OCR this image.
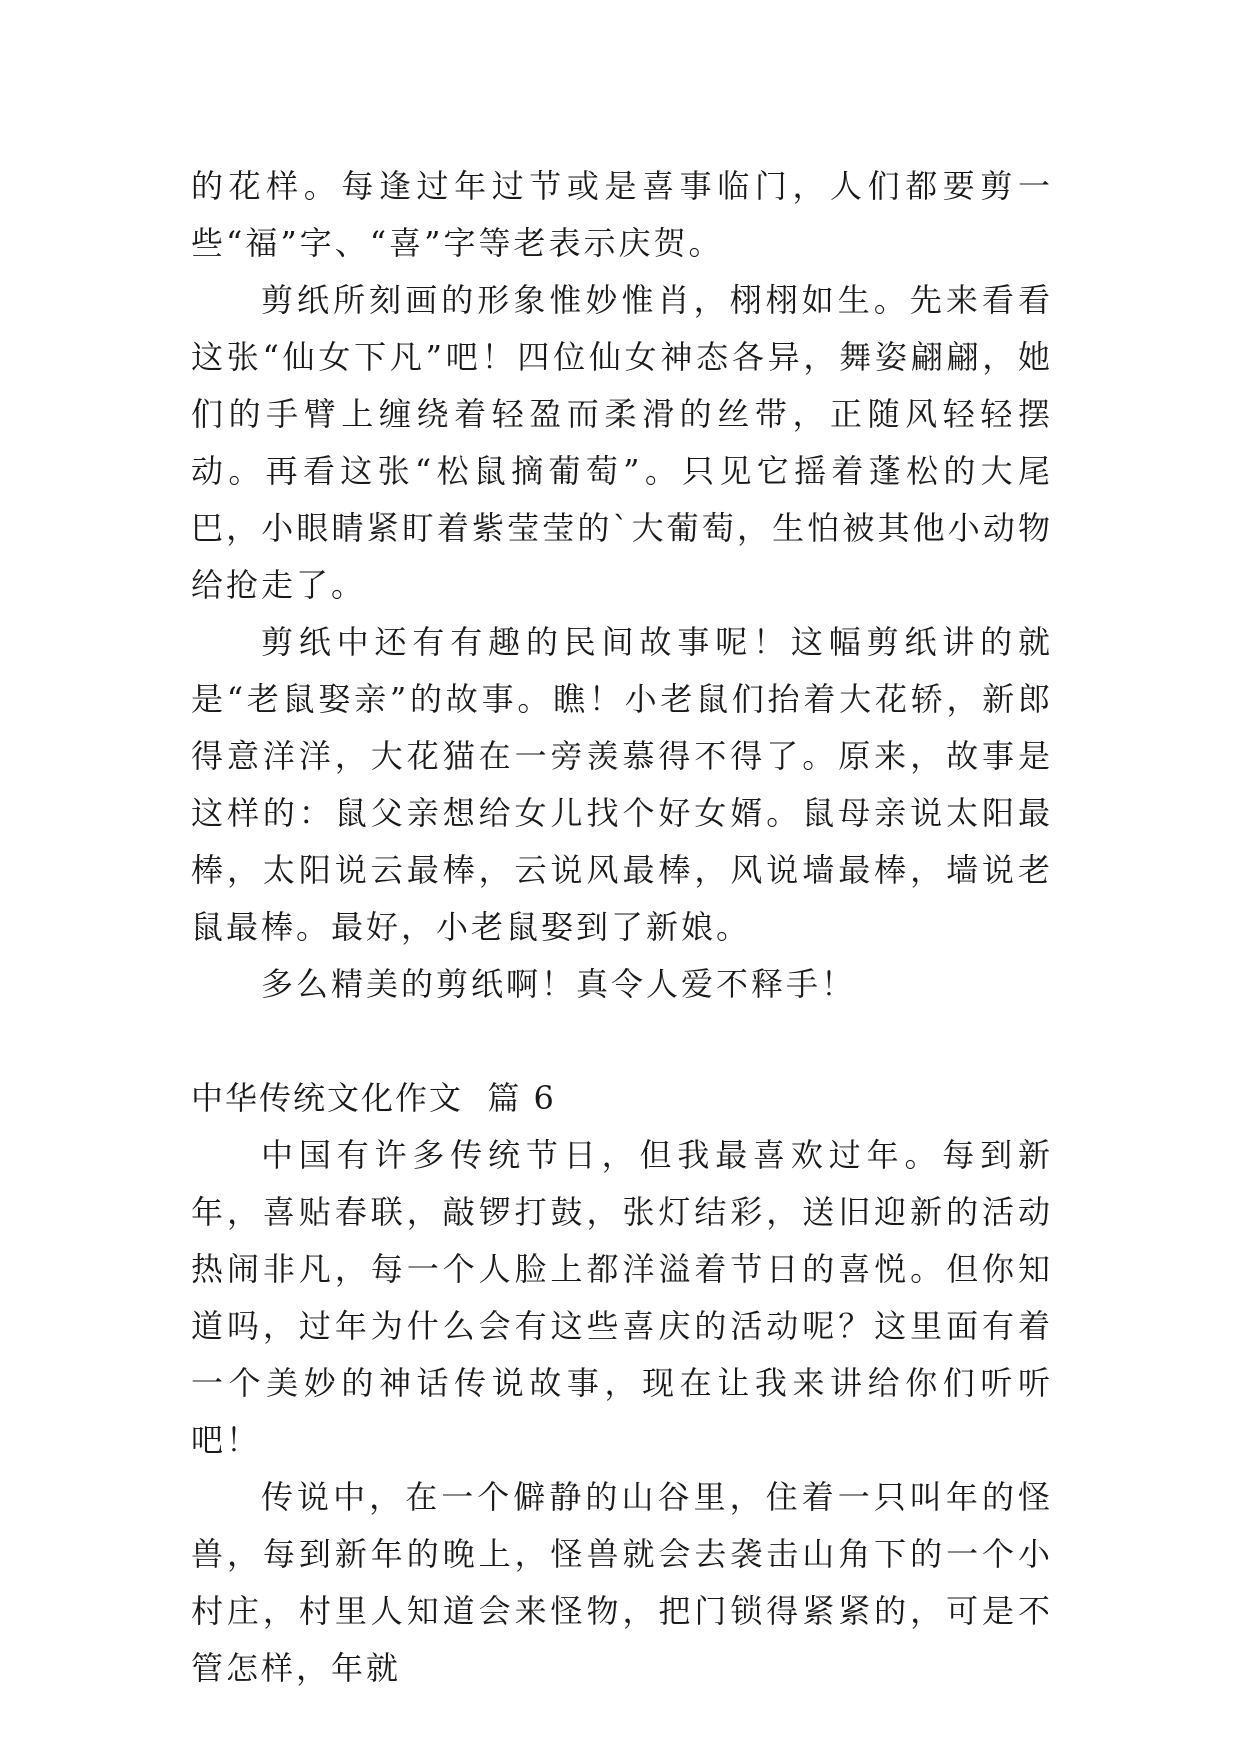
的花样。每逢过年过节或是喜事临门，人们都要剪一些“福”字、“喜”字等老表示庆贺。

剪纸所刻画的形象惟妙惟肖，栩栩如生。先来看看这张“仙女下凡”吧！四位仙女神态各异，舞姿翩翩，她们的手臂上缠绕着轻盈而柔滑的丝带，正随风轻轻摆动。再看这张“松鼠摘葡萄”。只见它摇着蓬松的大尾巴，小眼睛紧盯着紫莹莹的`大葡萄，生怕被其他小动物给抢走了。

剪纸中还有有趣的民间故事呢！这幅剪纸讲的就是“老鼠娶亲”的故事。瞧！小老鼠们抬着大花轿，新郎得意洋洋，大花猫在一旁羡慕得不得了。原来，故事是这样的：鼠父亲想给女儿找个好女婿。鼠母亲说太阳最棒，太阳说云最棒，云说风最棒，风说墙最棒，墙说老鼠最棒。最好，小老鼠娶到了新娘。

多么精美的剪纸啊！真令人爱不释手！

中华传统文化作文  篇 6

中国有许多传统节日，但我最喜欢过年。每到新年，喜贴春联，敲锣打鼓，张灯结彩，送旧迎新的活动热闹非凡，每一个人脸上都洋溢着节日的喜悦。但你知道吗，过年为什么会有这些喜庆的活动呢？这里面有着一个美妙的神话传说故事，现在让我来讲给你们听听吧！

传说中，在一个僻静的山谷里，住着一只叫年的怪兽，每到新年的晚上，怪兽就会去袭击山角下的一个小村庄，村里人知道会来怪物，把门锁得紧紧的，可是不管怎样，年就
